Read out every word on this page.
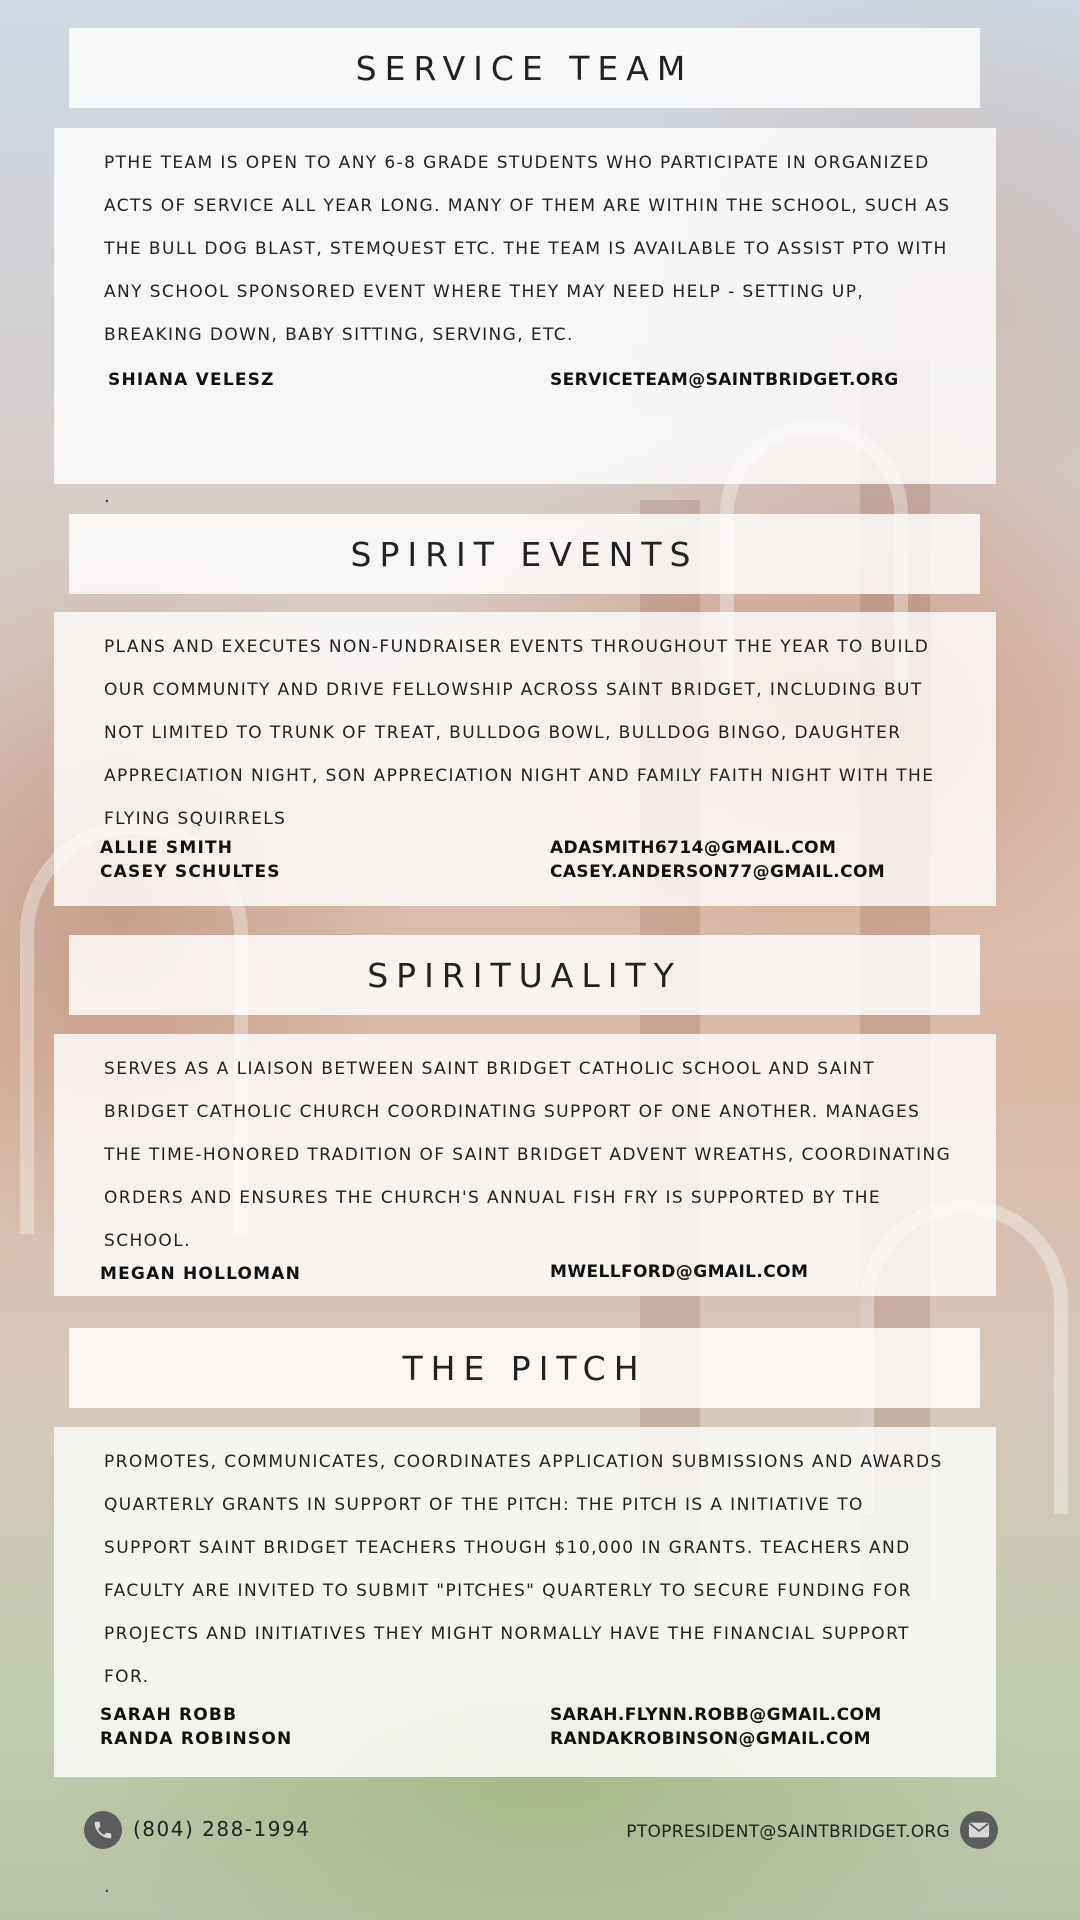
SERVICE TEAM

PTHE TEAM IS OPEN TO ANY 6-8 GRADE STUDENTS WHO PARTICIPATE IN ORGANIZED ACTS OF SERVICE ALL YEAR LONG. MANY OF THEM ARE WITHIN THE SCHOOL, SUCH AS THE BULL DOG BLAST, STEMQUEST ETC. THE TEAM IS AVAILABLE TO ASSIST PTO WITH ANY SCHOOL SPONSORED EVENT WHERE THEY MAY NEED HELP - SETTING UP, BREAKING DOWN, BABY SITTING, SERVING, ETC.

SHIANA VELESZ	SERVICETEAM@SAINTBRIDGET.ORG
.
SPIRIT EVENTS

PLANS AND EXECUTES NON-FUNDRAISER EVENTS THROUGHOUT THE YEAR TO BUILD OUR COMMUNITY AND DRIVE FELLOWSHIP ACROSS SAINT BRIDGET, INCLUDING BUT NOT LIMITED TO TRUNK OF TREAT, BULLDOG BOWL, BULLDOG BINGO, DAUGHTER APPRECIATION NIGHT, SON APPRECIATION NIGHT AND FAMILY FAITH NIGHT WITH THE FLYING SQUIRRELS

ALLIE SMITH	ADASMITH6714@GMAIL.COM
CASEY SCHULTES	CASEY.ANDERSON77@GMAIL.COM
SPIRITUALITY

SERVES AS A LIAISON BETWEEN SAINT BRIDGET CATHOLIC SCHOOL AND SAINT BRIDGET CATHOLIC CHURCH COORDINATING SUPPORT OF ONE ANOTHER. MANAGES THE TIME-HONORED TRADITION OF SAINT BRIDGET ADVENT WREATHS, COORDINATING ORDERS AND ENSURES THE CHURCH'S ANNUAL FISH FRY IS SUPPORTED BY THE SCHOOL.

MEGAN HOLLOMAN	MWELLFORD@GMAIL.COM
THE PITCH

PROMOTES, COMMUNICATES, COORDINATES APPLICATION SUBMISSIONS AND AWARDS QUARTERLY GRANTS IN SUPPORT OF THE PITCH: THE PITCH IS A INITIATIVE TO SUPPORT SAINT BRIDGET TEACHERS THOUGH $10,000 IN GRANTS. TEACHERS AND FACULTY ARE INVITED TO SUBMIT "PITCHES" QUARTERLY TO SECURE FUNDING FOR PROJECTS AND INITIATIVES THEY MIGHT NORMALLY HAVE THE FINANCIAL SUPPORT FOR.

SARAH ROBB	SARAH.FLYNN.ROBB@GMAIL.COM
RANDA ROBINSON	RANDAKROBINSON@GMAIL.COM
(804) 288-1994	PTOPRESIDENT@SAINTBRIDGET.ORG
.
